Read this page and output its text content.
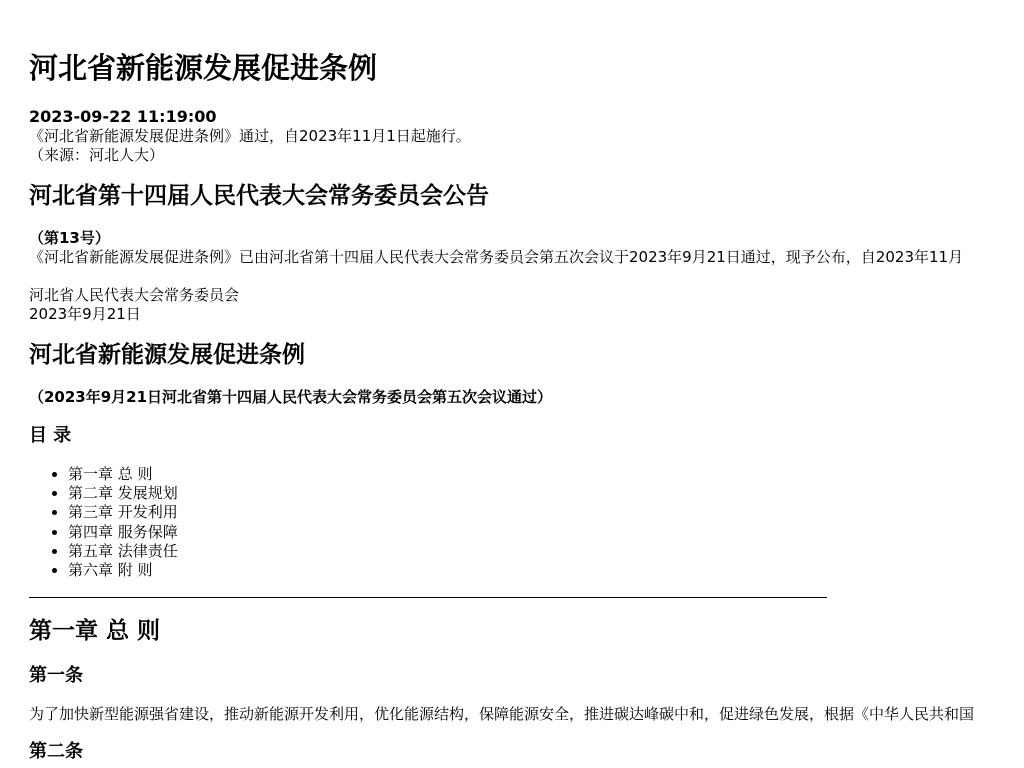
河北省新能源发展促进条例
2023-09-22 11:19:00
《河北省新能源发展促进条例》通过，自2023年11月1日起施行。
（来源：河北人大）
河北省第十四届人民代表大会常务委员会公告
（第13号）
《河北省新能源发展促进条例》已由河北省第十四届人民代表大会常务委员会第五次会议于2023年9月21日通过，现予公布，自2023年11月
河北省人民代表大会常务委员会
2023年9月21日
河北省新能源发展促进条例
（2023年9月21日河北省第十四届人民代表大会常务委员会第五次会议通过）
目 录
• 第一章 总 则
• 第二章 发展规划
• 第三章 开发利用
• 第四章 服务保障
• 第五章 法律责任
• 第六章 附 则
第一章 总 则
第一条
为了加快新型能源强省建设，推动新能源开发利用，优化能源结构，保障能源安全，推进碳达峰碳中和，促进绿色发展，根据《中华人民共和国
第二条
